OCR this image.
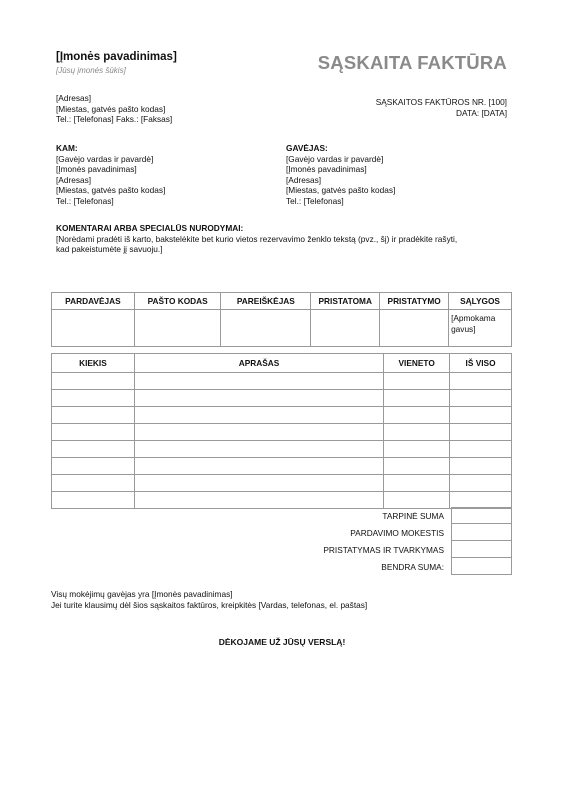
[Įmonės pavadinimas]
[Jūsų įmonės šūkis]	SĄSKAITA FAKTŪRA
[Adresas]
[Miestas, gatvės pašto kodas]
Tel.: [Telefonas] Faks.: [Faksas]
SĄSKAITOS FAKTŪROS NR. [100]
DATA: [DATA]
KAM:
[Gavėjo vardas ir pavardė]
[Įmonės pavadinimas]
[Adresas]
[Miestas, gatvės pašto kodas]
Tel.: [Telefonas]
GAVĖJAS:
[Gavėjo vardas ir pavardė]
[Įmonės pavadinimas]
[Adresas]
[Miestas, gatvės pašto kodas]
Tel.: [Telefonas]
KOMENTARAI ARBA SPECIALŪS NURODYMAI:
[Norėdami pradėti iš karto, bakstelėkite bet kurio vietos rezervavimo ženklo tekstą (pvz., šį) ir pradėkite rašyti,
kad pakeistumėte jį savuoju.]
PARDAVĖJAS	PAŠTO KODAS	PAREIŠKĖJAS	PRISTATOMA	PRISTATYMO	SĄLYGOS
					[Apmokama gavus]
KIEKIS	APRAŠAS	VIENETO	IŠ VISO

TARPINĖ SUMA
PARDAVIMO MOKESTIS
PRISTATYMAS IR TVARKYMAS
BENDRA SUMA:
Visų mokėjimų gavėjas yra [Įmonės pavadinimas]
Jei turite klausimų dėl šios sąskaitos faktūros, kreipkitės [Vardas, telefonas, el. paštas]
DĖKOJAME UŽ JŪSŲ VERSLĄ!
